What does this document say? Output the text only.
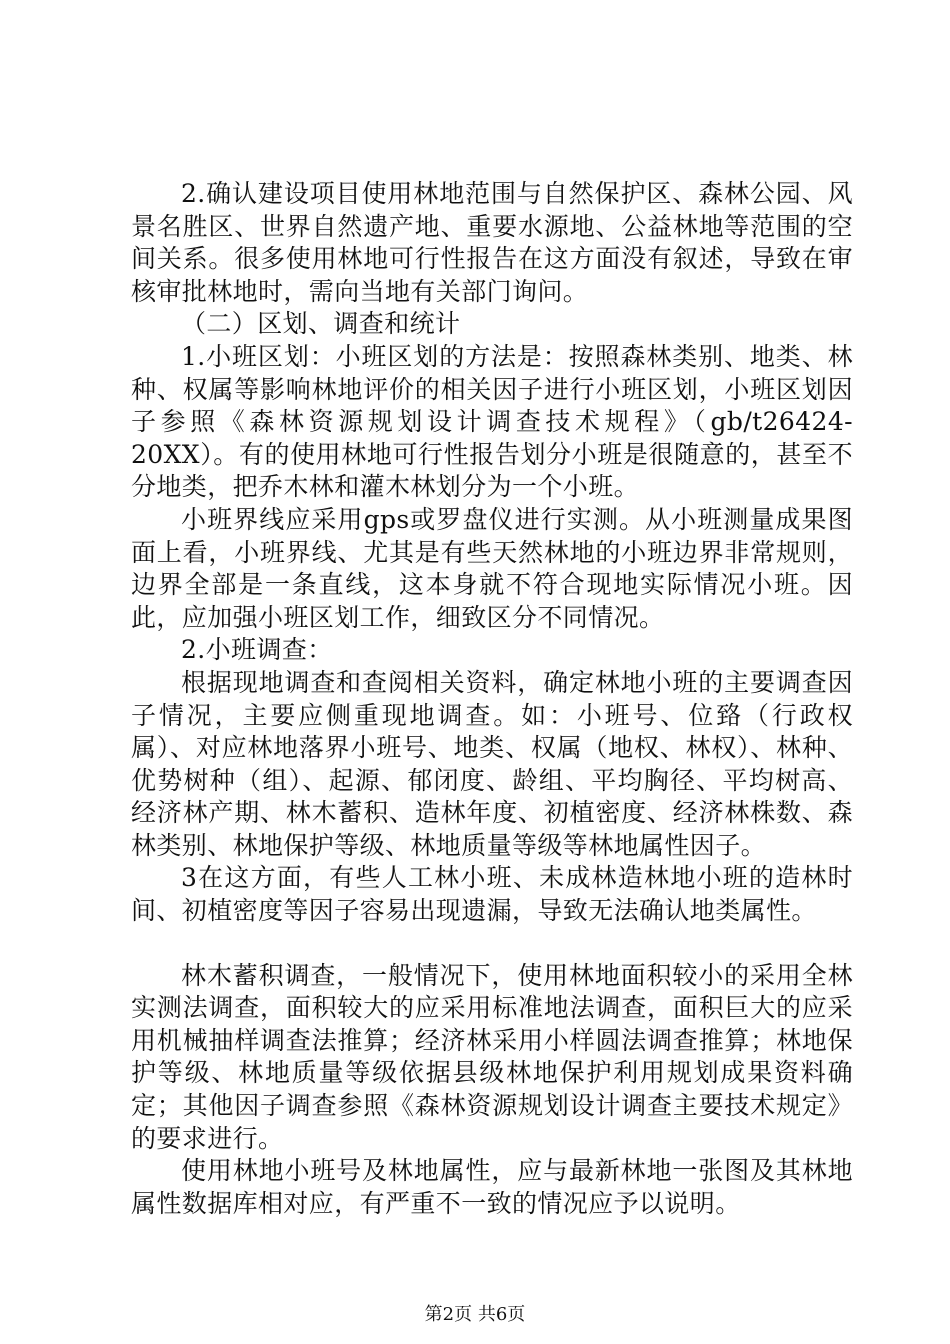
2.确认建设项目使用林地范围与自然保护区、森林公园、风景名胜区、世界自然遗产地、重要水源地、公益林地等范围的空间关系。很多使用林地可行性报告在这方面没有叙述，导致在审核审批林地时，需向当地有关部门询问。

（二）区划、调查和统计

1.小班区划：小班区划的方法是：按照森林类别、地类、林种、权属等影响林地评价的相关因子进行小班区划，小班区划因子参照《森林资源规划设计调查技术规程》（gb/t26424-20XX）。有的使用林地可行性报告划分小班是很随意的，甚至不分地类，把乔木林和灌木林划分为一个小班。

小班界线应采用gps或罗盘仪进行实测。从小班测量成果图面上看，小班界线、尤其是有些天然林地的小班边界非常规则，边界全部是一条直线，这本身就不符合现地实际情况小班。因此，应加强小班区划工作，细致区分不同情况。

2.小班调查：

根据现地调查和查阅相关资料，确定林地小班的主要调查因子情况，主要应侧重现地调查。如：小班号、位臵（行政权属）、对应林地落界小班号、地类、权属（地权、林权）、林种、优势树种（组）、起源、郁闭度、龄组、平均胸径、平均树高、经济林产期、林木蓄积、造林年度、初植密度、经济林株数、森林类别、林地保护等级、林地质量等级等林地属性因子。

3在这方面，有些人工林小班、未成林造林地小班的造林时间、初植密度等因子容易出现遗漏，导致无法确认地类属性。

林木蓄积调查，一般情况下，使用林地面积较小的采用全林实测法调查，面积较大的应采用标准地法调查，面积巨大的应采用机械抽样调查法推算；经济林采用小样圆法调查推算；林地保护等级、林地质量等级依据县级林地保护利用规划成果资料确定；其他因子调查参照《森林资源规划设计调查主要技术规定》的要求进行。

使用林地小班号及林地属性，应与最新林地一张图及其林地属性数据库相对应，有严重不一致的情况应予以说明。

第2页 共6页
